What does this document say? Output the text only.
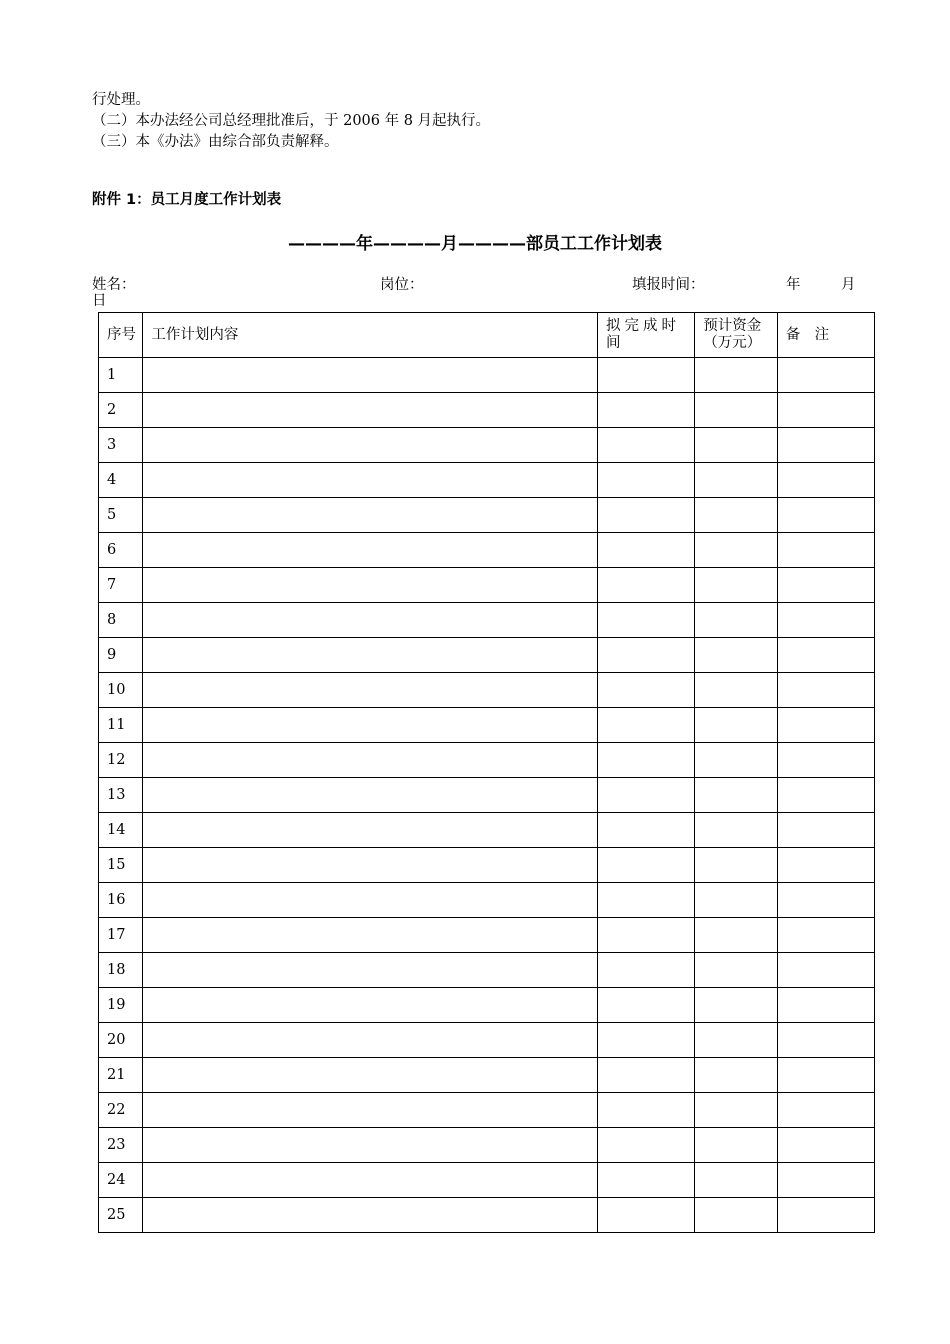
行处理。

（二）本办法经公司总经理批准后，于 2006 年 8 月起执行。

（三）本《办法》由综合部负责解释。

附件 1：员工月度工作计划表

————年————月————部员工工作计划表

姓名：	岗位：	填报时间：	年	月
日
序号	工作计划内容	拟完成时间	预计资金（万元）	备　注
1				
2				
3				
4				
5				
6				
7				
8				
9				
10				
11				
12				
13				
14				
15				
16				
17				
18				
19				
20				
21				
22				
23				
24				
25				
